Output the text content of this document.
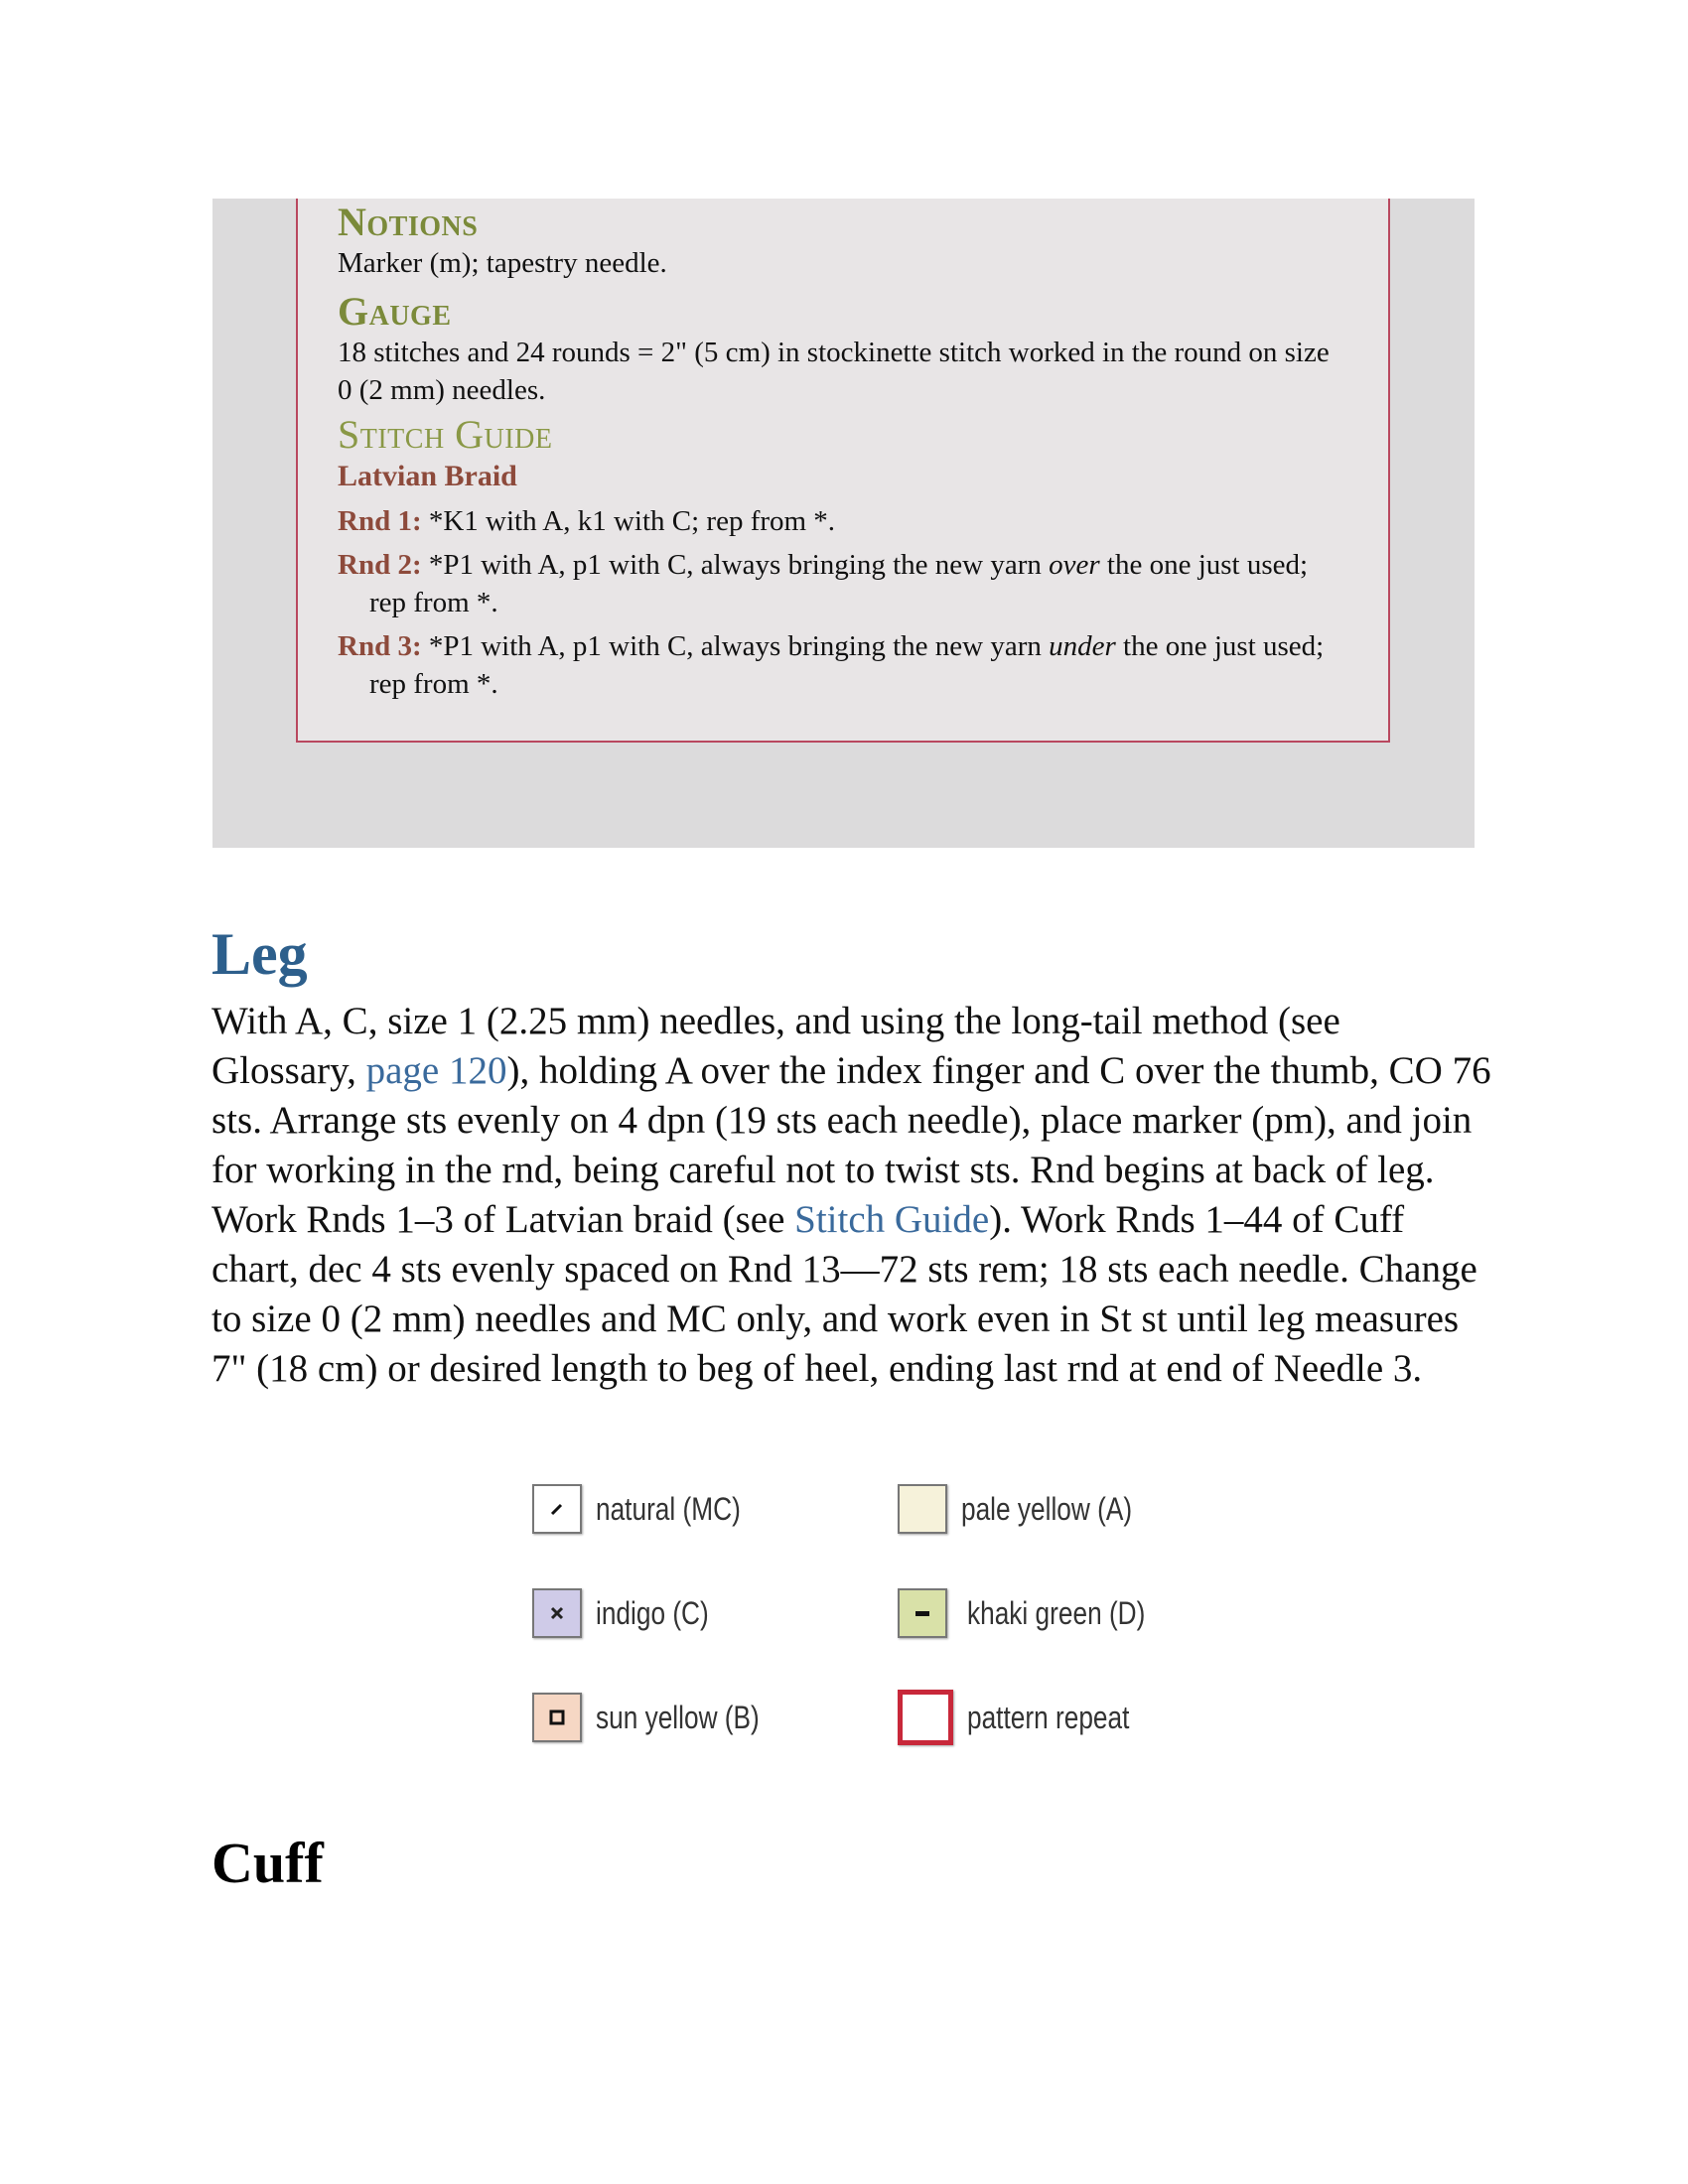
Notions

Marker (m); tapestry needle.

Gauge

18 stitches and 24 rounds = 2" (5 cm) in stockinette stitch worked in the round on size 0 (2 mm) needles.

Stitch Guide

Latvian Braid

Rnd 1: *K1 with A, k1 with C; rep from *.

Rnd 2: *P1 with A, p1 with C, always bringing the new yarn over the one just used; rep from *.

Rnd 3: *P1 with A, p1 with C, always bringing the new yarn under the one just used; rep from *.

Leg

With A, C, size 1 (2.25 mm) needles, and using the long-tail method (see Glossary, page 120), holding A over the index finger and C over the thumb, CO 76 sts. Arrange sts evenly on 4 dpn (19 sts each needle), place marker (pm), and join for working in the rnd, being careful not to twist sts. Rnd begins at back of leg. Work Rnds 1–3 of Latvian braid (see Stitch Guide). Work Rnds 1–44 of Cuff chart, dec 4 sts evenly spaced on Rnd 13—72 sts rem; 18 sts each needle. Change to size 0 (2 mm) needles and MC only, and work even in St st until leg measures 7" (18 cm) or desired length to beg of heel, ending last rnd at end of Needle 3.

natural (MC)	pale yellow (A)
indigo (C)	khaki green (D)
sun yellow (B)	pattern repeat
Cuff
